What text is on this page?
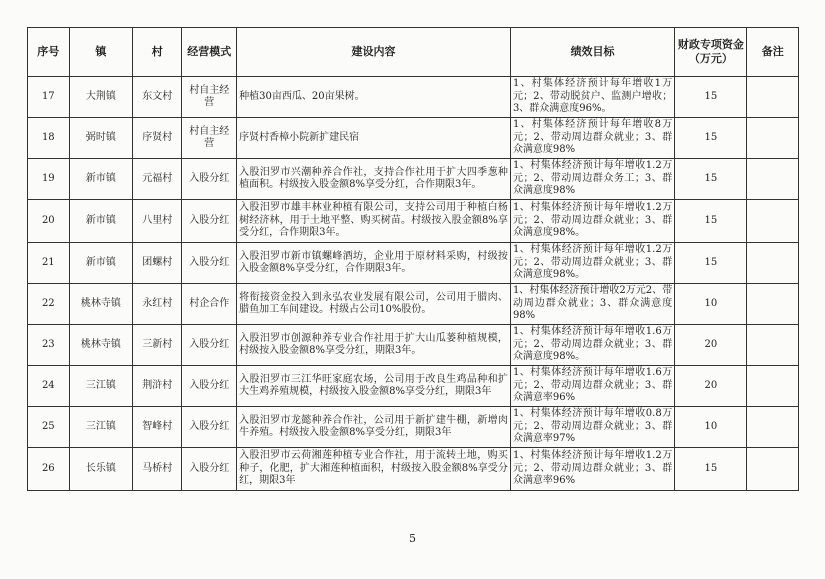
序号	镇	村	经营模式	建设内容	绩效目标	财政专项资金（万元）	备注
17	大荆镇	东文村	村自主经营	种植30亩西瓜、20亩果树。	1、村集体经济预计每年增收1万元；2、带动脱贫户、监测户增收；3、群众满意度96%。	15	
18	弼时镇	序贤村	村自主经营	序贤村香樟小院新扩建民宿	1、村集体经济预计每年增收8万元；2、带动周边群众就业；3、群众满意度98%	15	
19	新市镇	元福村	入股分红	入股汨罗市兴潮种养合作社，支持合作社用于扩大四季葱种植面积。村级按入股金额8%享受分红，合作期限3年。	1、村集体经济预计每年增收1.2万元；2、带动周边群众务工；3、群众满意度98%	15	
20	新市镇	八里村	入股分红	入股汨罗市雄丰林业种植有限公司，支持公司用于种植白杨树经济林，用于土地平整、购买树苗。村级按入股金额8%享受分红，合作期限3年。	1、村集体经济预计每年增收1.2万元；2、带动周边群众就业；3、群众满意度98%。	15	
21	新市镇	团螺村	入股分红	入股汨罗市新市镇螺峰酒坊，企业用于原材料采购，村级按入股金额8%享受分红，合作期限3年。	1、村集体经济预计每年增收1.2万元；2、带动周边群众就业；3、群众满意度98%。	15	
22	桃林寺镇	永红村	村企合作	将衔接资金投入到永弘农业发展有限公司，公司用于腊肉、腊鱼加工车间建设。村级占公司10%股份。	1、村集体经济预计增收2万元2、带动周边群众就业；3、群众满意度98%	10	
23	桃林寺镇	三新村	入股分红	入股汨罗市创源种养专业合作社用于扩大山瓜蒌种植规模，村级按入股金额8%享受分红，期限3年。	1、村集体经济预计每年增收1.6万元；2、带动周边群众就业；3、群众满意度98%。	20	
24	三江镇	荆浒村	入股分红	入股汨罗市三江华旺家庭农场，公司用于改良生鸡品种和扩大生鸡养殖规模，村级按入股金额8%享受分红，期限3年	1、村集体经济预计每年增收1.6万元；2、带动周边群众就业；3、群众满意率96%	20	
25	三江镇	智峰村	入股分红	入股汨罗市龙懿种养合作社，公司用于新扩建牛棚，新增肉牛养殖。村级按入股金额8%享受分红，期限3年	1、村集体经济预计每年增收0.8万元；2、带动周边群众就业；3、群众满意率97%	10	
26	长乐镇	马桥村	入股分红	入股汨罗市云荷湘莲种植专业合作社，用于流转土地，购买种子，化肥，扩大湘莲种植面积，村级按入股金额8%享受分红，期限3年	1、村集体经济预计每年增收1.2万元；2、带动周边群众就业；3、群众满意率96%	15	
5
